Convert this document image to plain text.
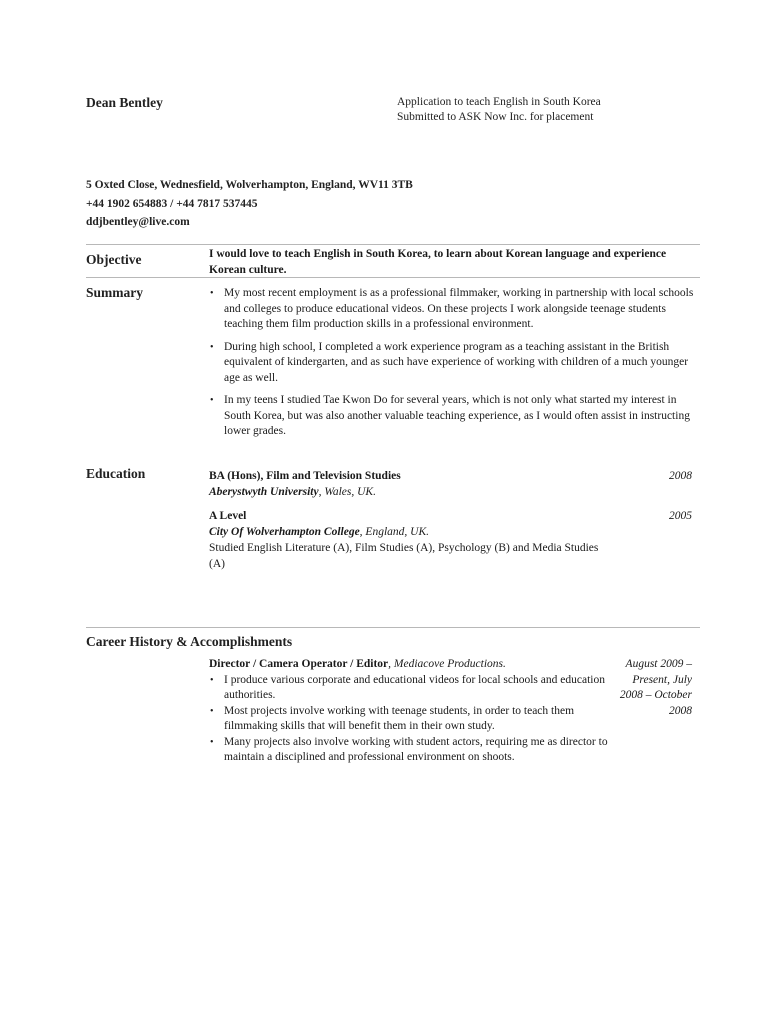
Dean Bentley	Application to teach English in South Korea
Submitted to ASK Now Inc. for placement
5 Oxted Close, Wednesfield, Wolverhampton, England, WV11 3TB
+44 1902 654883 / +44 7817 537445
ddjbentley@live.com
Objective	I would love to teach English in South Korea, to learn about Korean language and experience Korean culture.
Summary
•	My most recent employment is as a professional filmmaker, working in partnership with local schools and colleges to produce educational videos. On these projects I work alongside teenage students teaching them film production skills in a professional environment.
• During high school, I completed a work experience program as a teaching assistant in the British equivalent of kindergarten, and as such have experience of working with children of a much younger age as well.
• In my teens I studied Tae Kwon Do for several years, which is not only what started my interest in South Korea, but was also another valuable teaching experience, as I would often assist in instructing lower grades.
Education	BA (Hons), Film and Television Studies
Aberystwyth University, Wales, UK.
2008
A Level
City Of Wolverhampton College, England, UK.
Studied English Literature (A), Film Studies (A), Psychology (B) and Media Studies (A)
2005
Career History & Accomplishments
Director / Camera Operator / Editor, Mediacove Productions.
• I produce various corporate and educational videos for local schools and education authorities.
• Most projects involve working with teenage students, in order to teach them filmmaking skills that will benefit them in their own study.
• Many projects also involve working with student actors, requiring me as director to maintain a disciplined and professional environment on shoots.
August 2009 – Present, July 2008 – October 2008
